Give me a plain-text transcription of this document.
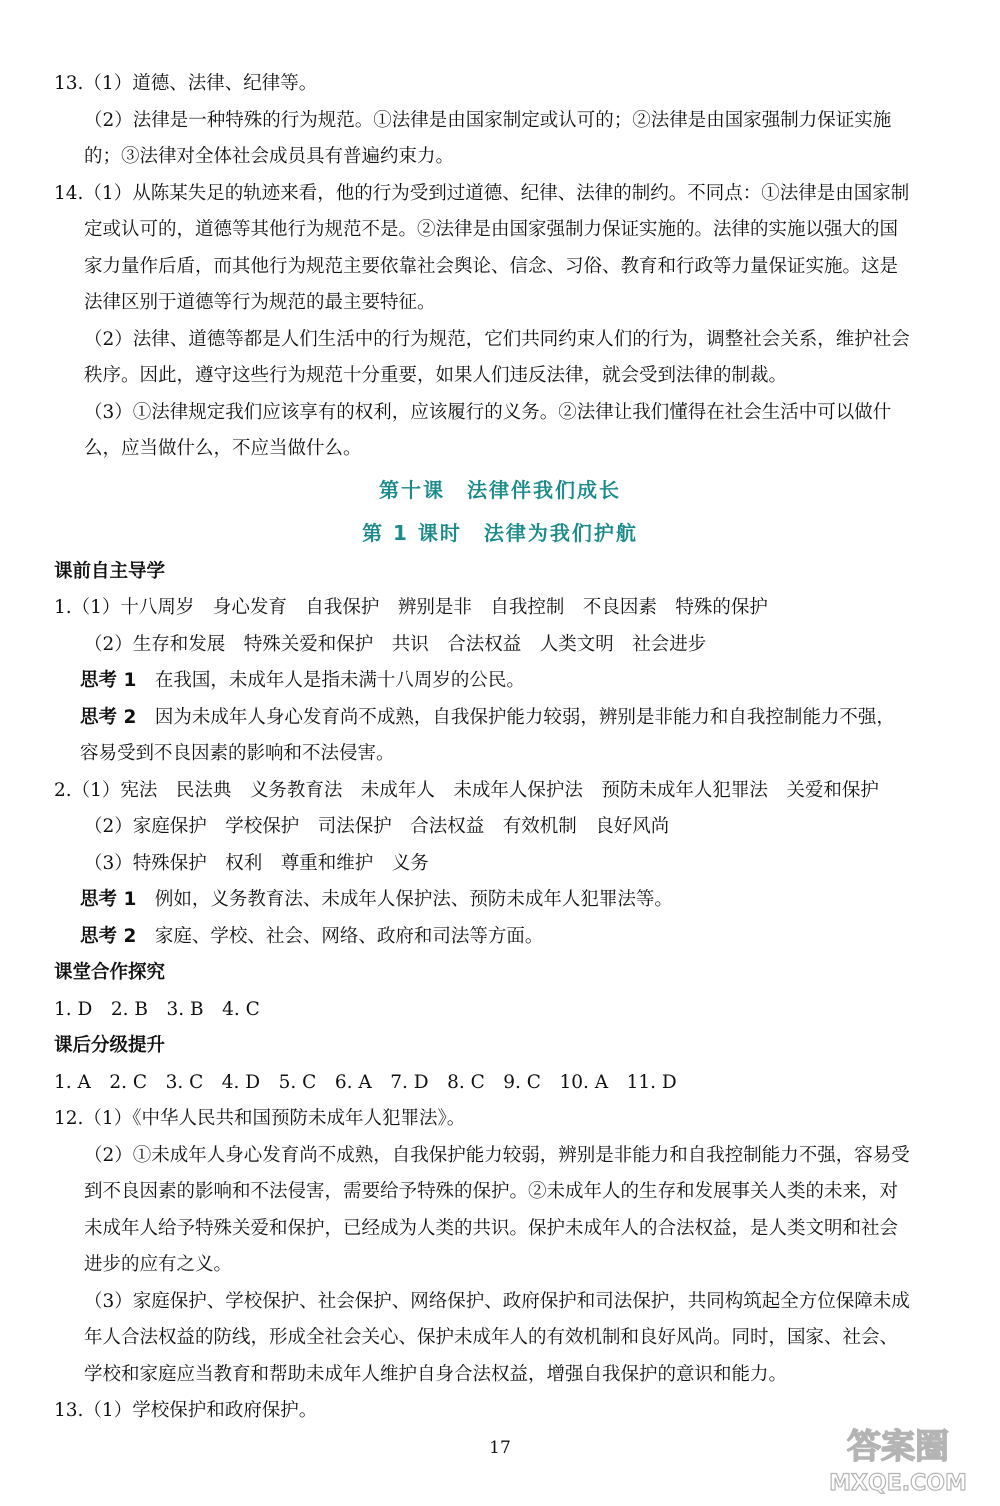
13.（1）道德、法律、纪律等。
（2）法律是一种特殊的行为规范。①法律是由国家制定或认可的；②法律是由国家强制力保证实施
的；③法律对全体社会成员具有普遍约束力。
14.（1）从陈某失足的轨迹来看，他的行为受到过道德、纪律、法律的制约。不同点：①法律是由国家制
定或认可的，道德等其他行为规范不是。②法律是由国家强制力保证实施的。法律的实施以强大的国
家力量作后盾，而其他行为规范主要依靠社会舆论、信念、习俗、教育和行政等力量保证实施。这是
法律区别于道德等行为规范的最主要特征。
（2）法律、道德等都是人们生活中的行为规范，它们共同约束人们的行为，调整社会关系，维护社会
秩序。因此，遵守这些行为规范十分重要，如果人们违反法律，就会受到法律的制裁。
（3）①法律规定我们应该享有的权利，应该履行的义务。②法律让我们懂得在社会生活中可以做什
么，应当做什么，不应当做什么。
第十课　法律伴我们成长
第 1 课时　法律为我们护航
课前自主导学
1.（1）十八周岁　身心发育　自我保护　辨别是非　自我控制　不良因素　特殊的保护
（2）生存和发展　特殊关爱和保护　共识　合法权益　人类文明　社会进步
思考 1　在我国，未成年人是指未满十八周岁的公民。
思考 2　因为未成年人身心发育尚不成熟，自我保护能力较弱，辨别是非能力和自我控制能力不强，
容易受到不良因素的影响和不法侵害。
2.（1）宪法　民法典　义务教育法　未成年人　未成年人保护法　预防未成年人犯罪法　关爱和保护
（2）家庭保护　学校保护　司法保护　合法权益　有效机制　良好风尚
（3）特殊保护　权利　尊重和维护　义务
思考 1　例如，义务教育法、未成年人保护法、预防未成年人犯罪法等。
思考 2　家庭、学校、社会、网络、政府和司法等方面。
课堂合作探究
1. D　2. B　3. B　4. C
课后分级提升
1. A　2. C　3. C　4. D　5. C　6. A　7. D　8. C　9. C　10. A　11. D
12.（1）《中华人民共和国预防未成年人犯罪法》。
（2）①未成年人身心发育尚不成熟，自我保护能力较弱，辨别是非能力和自我控制能力不强，容易受
到不良因素的影响和不法侵害，需要给予特殊的保护。②未成年人的生存和发展事关人类的未来，对
未成年人给予特殊关爱和保护，已经成为人类的共识。保护未成年人的合法权益，是人类文明和社会
进步的应有之义。
（3）家庭保护、学校保护、社会保护、网络保护、政府保护和司法保护，共同构筑起全方位保障未成
年人合法权益的防线，形成全社会关心、保护未成年人的有效机制和良好风尚。同时，国家、社会、
学校和家庭应当教育和帮助未成年人维护自身合法权益，增强自我保护的意识和能力。
13.（1）学校保护和政府保护。
17	答案圈
MXQE.COM
